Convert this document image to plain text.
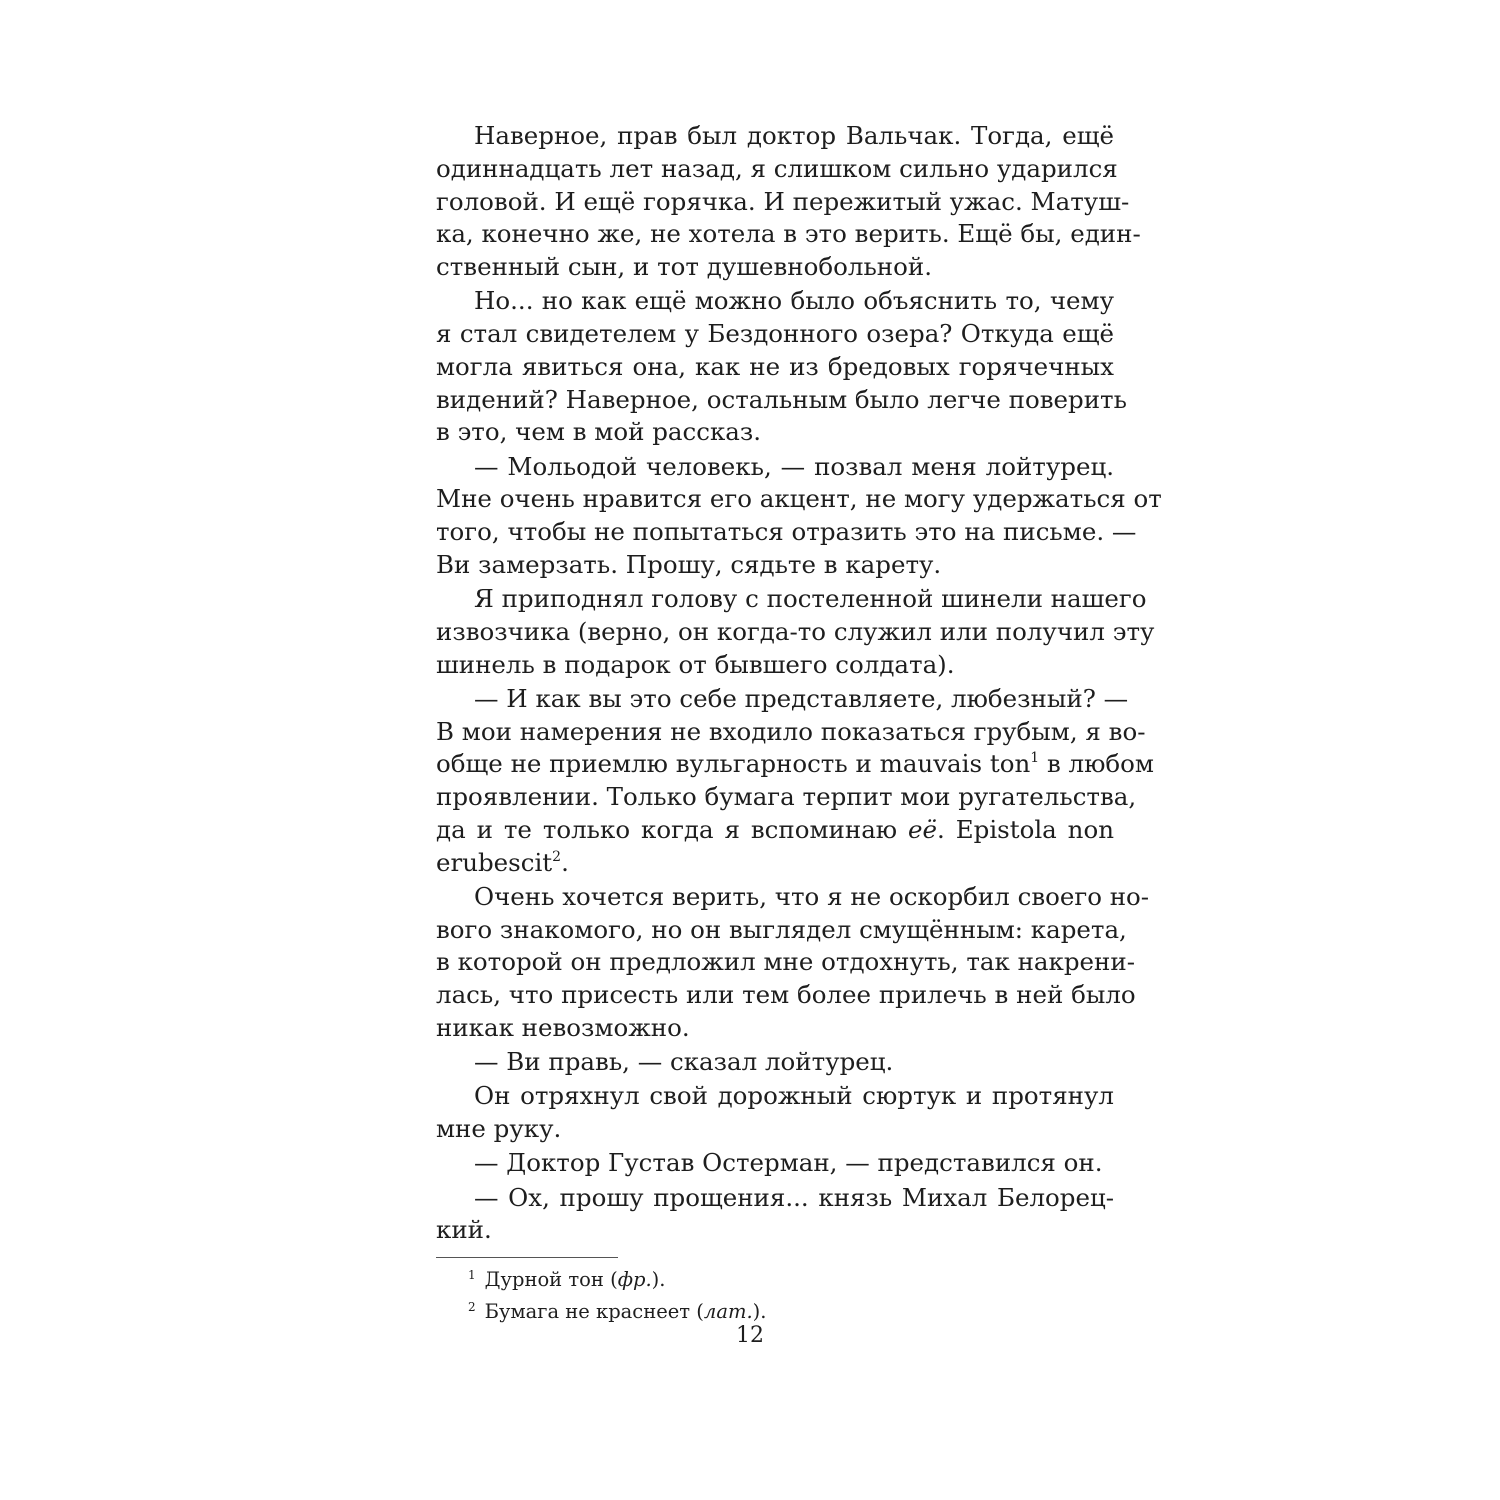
Наверное, прав был доктор Вальчак. Тогда, ещё
одиннадцать лет назад, я слишком сильно ударился
головой. И ещё горячка. И пережитый ужас. Матуш-
ка, конечно же, не хотела в это верить. Ещё бы, един-
ственный сын, и тот душевнобольной.
Но... но как ещё можно было объяснить то, чему
я стал свидетелем у Бездонного озера? Откуда ещё
могла явиться она, как не из бредовых горячечных
видений? Наверное, остальным было легче поверить
в это, чем в мой рассказ.
— Мольодой человекь, — позвал меня лойтурец.
Мне очень нравится его акцент, не могу удержаться от
того, чтобы не попытаться отразить это на письме. —
Ви замерзать. Прошу, сядьте в карету.
Я приподнял голову с постеленной шинели нашего
извозчика (верно, он когда-то служил или получил эту
шинель в подарок от бывшего солдата).
— И как вы это себе представляете, любезный? —
В мои намерения не входило показаться грубым, я во-
обще не приемлю вульгарность и mauvais ton$^1$ в любом
проявлении. Только бумага терпит мои ругательства,
да и те только когда я вспоминаю её. Epistola non
erubescit$^2$.
Очень хочется верить, что я не оскорбил своего но-
вого знакомого, но он выглядел смущённым: карета,
в которой он предложил мне отдохнуть, так накрени-
лась, что присесть или тем более прилечь в ней было
никак невозможно.
— Ви правь, — сказал лойтурец.
Он отряхнул свой дорожный сюртук и протянул
мне руку.
— Доктор Густав Остерман, — представился он.
— Ох, прошу прощения... князь Михал Белорец-
кий.
$^1$ Дурной тон (фр.).
$^2$ Бумага не краснеет (лат.).
12
